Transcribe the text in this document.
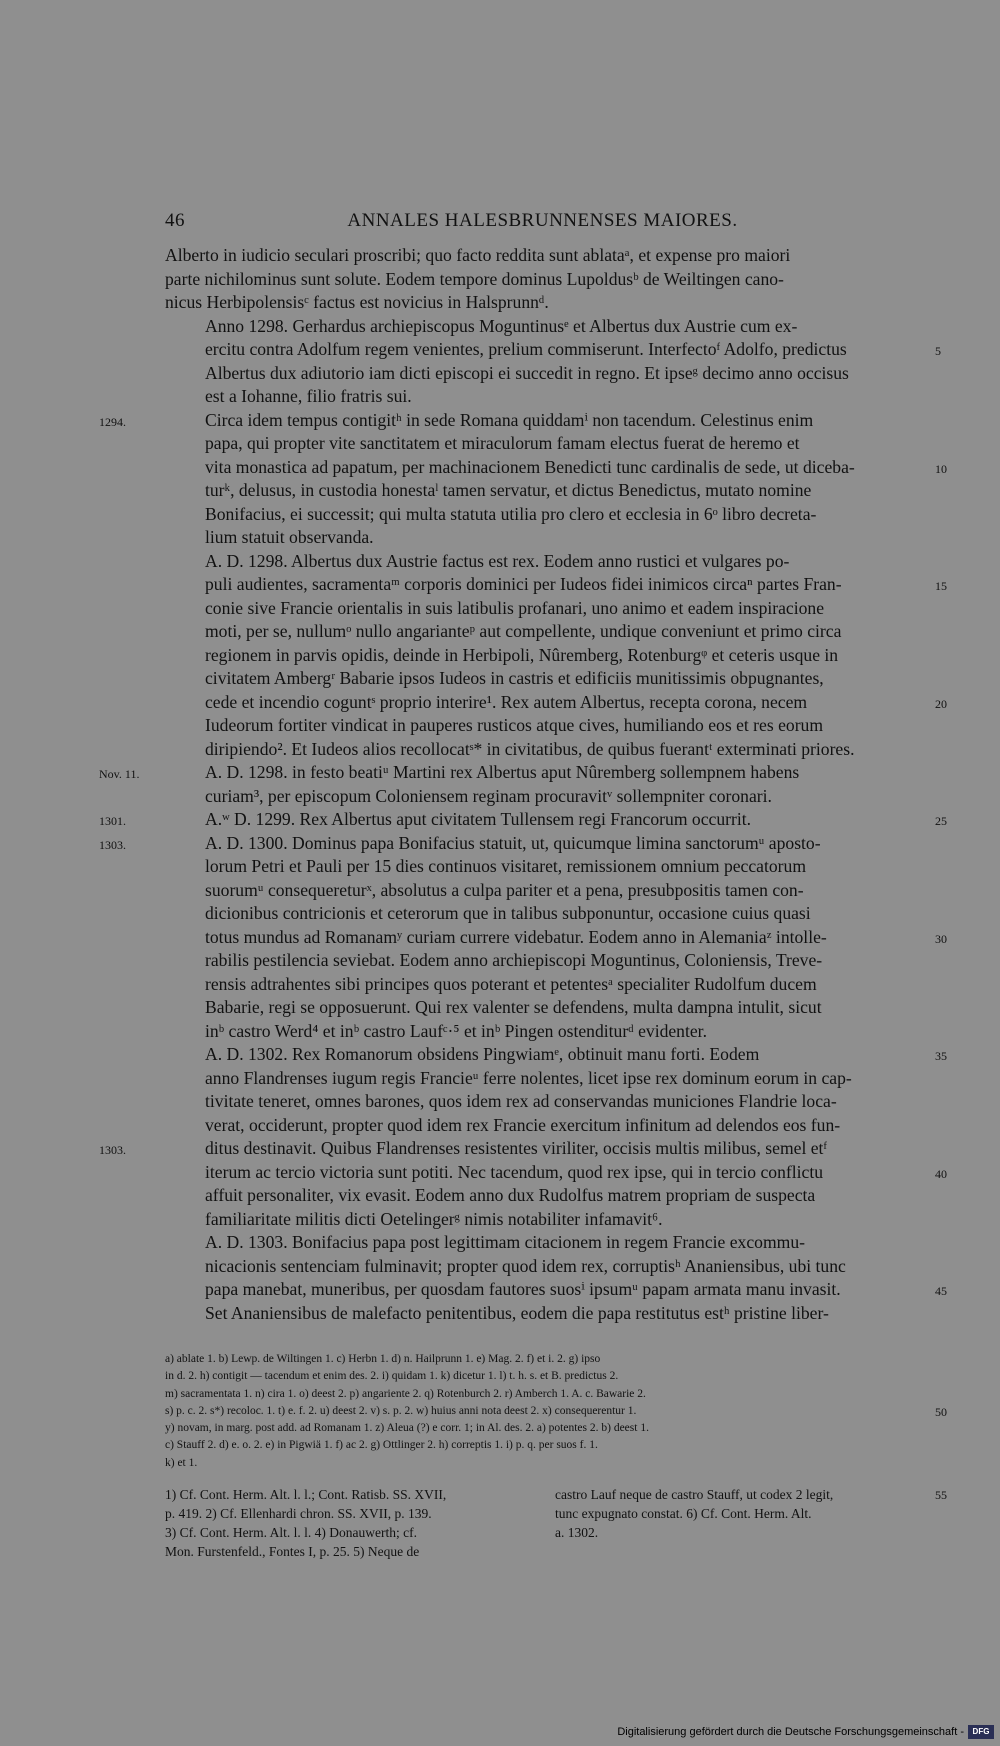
46	ANNALES HALESBRUNNENSES MAIORES.
Alberto in iudicio seculari proscribi; quo facto reddita sunt ablataᵃ, et expense pro maiori
parte nichilominus sunt solute. Eodem tempore dominus Lupoldusᵇ de Weiltingen cano-
nicus Herbipolensisᶜ factus est novicius in Halsprunnᵈ.
Anno 1298. Gerhardus archiepiscopus Moguntinusᵉ et Albertus dux Austrie cum ex-
ercitu contra Adolfum regem venientes, prelium commiserunt. Interfectoᶠ Adolfo, predictus	5
Albertus dux adiutorio iam dicti episcopi ei succedit in regno. Et ipseᵍ decimo anno occisus
est a Iohanne, filio fratris sui.
1294.	Circa idem tempus contigitʰ in sede Romana quiddamⁱ non tacendum. Celestinus enim
papa, qui propter vite sanctitatem et miraculorum famam electus fuerat de heremo et
vita monastica ad papatum, per machinacionem Benedicti tunc cardinalis de sede, ut diceba-	10
turᵏ, delusus, in custodia honestaˡ tamen servatur, et dictus Benedictus, mutato nomine
Bonifacius, ei successit; qui multa statuta utilia pro clero et ecclesia in 6ᵒ libro decreta-
lium statuit observanda.
A. D. 1298. Albertus dux Austrie factus est rex. Eodem anno rustici et vulgares po-
puli audientes, sacramentaᵐ corporis dominici per Iudeos fidei inimicos circaⁿ partes Fran-	15
conie sive Francie orientalis in suis latibulis profanari, uno animo et eadem inspiracione
moti, per se, nullumᵒ nullo angarianteᵖ aut compellente, undique conveniunt et primo circa
regionem in parvis opidis, deinde in Herbipoli, Nûremberg, Rotenburgᵠ et ceteris usque in
civitatem Ambergʳ Babarie ipsos Iudeos in castris et edificiis munitissimis obpugnantes,
cede et incendio coguntˢ proprio interire¹. Rex autem Albertus, recepta corona, necem	20
Iudeorum fortiter vindicat in pauperes rusticos atque cives, humiliando eos et res eorum
diripiendo². Et Iudeos alios recollocatˢ* in civitatibus, de quibus fuerantᵗ exterminati priores.
Nov. 11.	A. D. 1298. in festo beatiᵘ Martini rex Albertus aput Nûremberg sollempnem habens
curiam³, per episcopum Coloniensem reginam procuravitᵛ sollempniter coronari.
1301.	A.ʷ D. 1299. Rex Albertus aput civitatem Tullensem regi Francorum occurrit.	25
1303.	A. D. 1300. Dominus papa Bonifacius statuit, ut, quicumque limina sanctorumᵘ aposto-
lorum Petri et Pauli per 15 dies continuos visitaret, remissionem omnium peccatorum
suorumᵘ consequereturˣ, absolutus a culpa pariter et a pena, presubpositis tamen con-
dicionibus contricionis et ceterorum que in talibus subponuntur, occasione cuius quasi
totus mundus ad Romanamʸ curiam currere videbatur. Eodem anno in Alemaniaᶻ intolle-	30
rabilis pestilencia seviebat. Eodem anno archiepiscopi Moguntinus, Coloniensis, Treve-
rensis adtrahentes sibi principes quos poterant et petentesᵃ specialiter Rudolfum ducem
Babarie, regi se opposuerunt. Qui rex valenter se defendens, multa dampna intulit, sicut
inᵇ castro Werd⁴ et inᵇ castro Laufᶜ·⁵ et inᵇ Pingen ostenditurᵈ evidenter.
A. D. 1302. Rex Romanorum obsidens Pingwiamᵉ, obtinuit manu forti. Eodem	35
anno Flandrenses iugum regis Francieᵘ ferre nolentes, licet ipse rex dominum eorum in cap-
tivitate teneret, omnes barones, quos idem rex ad conservandas municiones Flandrie loca-
verat, occiderunt, propter quod idem rex Francie exercitum infinitum ad delendos eos fun-
ditus destinavit. Quibus Flandrenses resistentes viriliter, occisis multis milibus, semel etᶠ
1303.
iterum ac tercio victoria sunt potiti. Nec tacendum, quod rex ipse, qui in tercio conflictu	40
affuit personaliter, vix evasit. Eodem anno dux Rudolfus matrem propriam de suspecta
familiaritate militis dicti Oetelingerᵍ nimis notabiliter infamavit⁶.
A. D. 1303. Bonifacius papa post legittimam citacionem in regem Francie excommu-
nicacionis sentenciam fulminavit; propter quod idem rex, corruptisʰ Ananiensibus, ubi tunc
papa manebat, muneribus, per quosdam fautores suosⁱ ipsumᵘ papam armata manu invasit.	45
Set Ananiensibus de malefacto penitentibus, eodem die papa restitutus estʰ pristine liber-
a) ablate 1. b) Lewp. de Wiltingen 1. c) Herbn 1. d) n. Hailprunn 1. e) Mag. 2. f) et i. 2. g) ipso
in d. 2. h) contigit — tacendum et enim des. 2. i) quidam 1. k) dicetur 1. l) t. h. s. et B. predictus 2.
m) sacramentata 1. n) cira 1. o) deest 2. p) angariente 2. q) Rotenburch 2. r) Amberch 1. A. c. Bawarie 2.
s) p. c. 2. s*) recoloc. 1. t) e. f. 2. u) deest 2. v) s. p. 2. w) huius anni nota deest 2. x) consequerentur 1.	50
y) novam, in marg. post add. ad Romanam 1. z) Aleua (?) e corr. 1; in Al. des. 2. a) potentes 2. b) deest 1.
c) Stauff 2. d) e. o. 2. e) in Pigwiä 1. f) ac 2. g) Ottlinger 2. h) correptis 1. i) p. q. per suos f. 1.
k) et 1.
1) Cf. Cont. Herm. Alt. l. l.; Cont. Ratisb. SS. XVII,
p. 419. 2) Cf. Ellenhardi chron. SS. XVII, p. 139.
3) Cf. Cont. Herm. Alt. l. l. 4) Donauwerth; cf.
Mon. Furstenfeld., Fontes I, p. 25. 5) Neque de
castro Lauf neque de castro Stauff, ut codex 2 legit,
tunc expugnato constat. 6) Cf. Cont. Herm. Alt.
55
a. 1302.
Digitalisierung gefördert durch die Deutsche Forschungsgemeinschaft -	DFG
